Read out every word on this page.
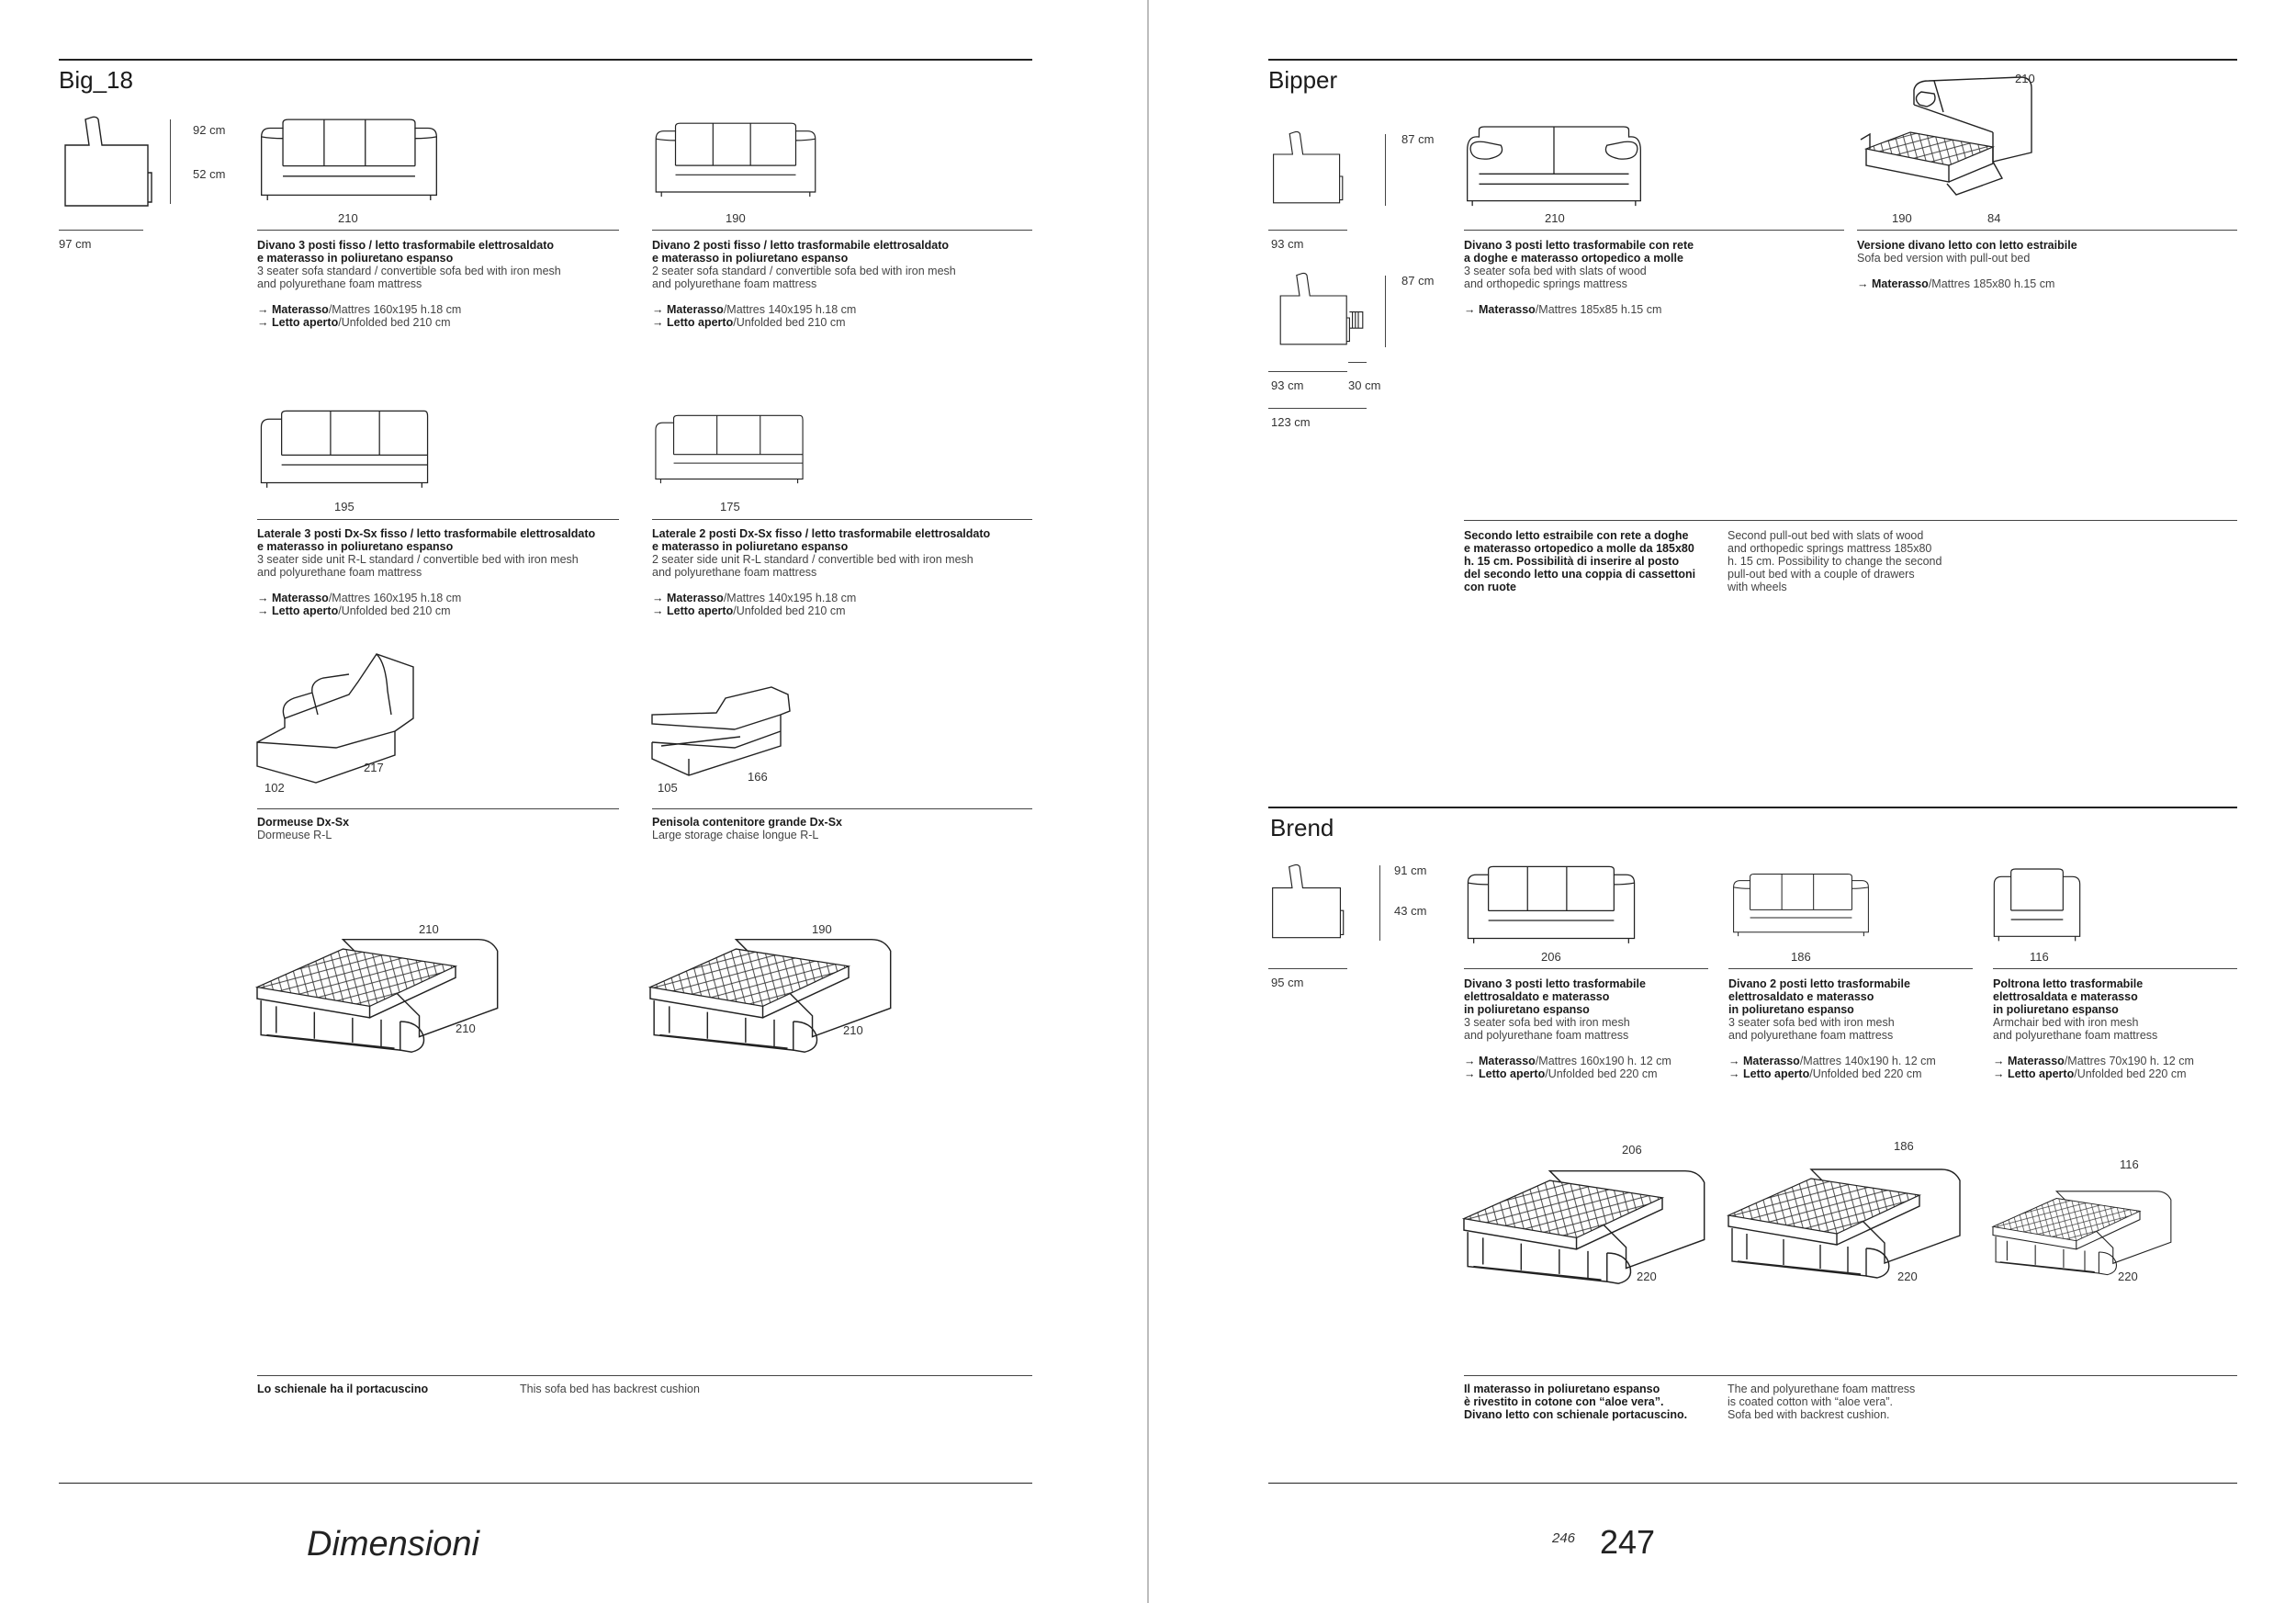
Big_18
92 cm
52 cm
97 cm
210	190
Divano 3 posti fisso / letto trasformabile elettrosaldato
e materasso in poliuretano espanso
3 seater sofa standard / convertible sofa bed with iron mesh
and polyurethane foam mattress
→ Materasso/Mattres 160x195 h.18 cm
→ Letto aperto/Unfolded bed 210 cm
Divano 2 posti fisso / letto trasformabile elettrosaldato
e materasso in poliuretano espanso
2 seater sofa standard / convertible sofa bed with iron mesh
and polyurethane foam mattress
→ Materasso/Mattres 140x195 h.18 cm
→ Letto aperto/Unfolded bed 210 cm
195	175
Laterale 3 posti Dx-Sx fisso / letto trasformabile elettrosaldato
e materasso in poliuretano espanso
3 seater side unit R-L standard / convertible bed with iron mesh
and polyurethane foam mattress
→ Materasso/Mattres 160x195 h.18 cm
→ Letto aperto/Unfolded bed 210 cm
Laterale 2 posti Dx-Sx fisso / letto trasformabile elettrosaldato
e materasso in poliuretano espanso
2 seater side unit R-L standard / convertible bed with iron mesh
and polyurethane foam mattress
→ Materasso/Mattres 140x195 h.18 cm
→ Letto aperto/Unfolded bed 210 cm
102
217
105
166
Dormeuse Dx-Sx
Dormeuse R-L
Penisola contenitore grande Dx-Sx
Large storage chaise longue R-L
210
210
190
210
Lo schienale ha il portacuscino	This sofa bed has backrest cushion
Dimensioni
Bipper
87 cm
93 cm
87 cm
93 cm	30 cm
123 cm
210
Divano 3 posti letto trasformabile con rete
a doghe e materasso ortopedico a molle
3 seater sofa bed with slats of wood
and orthopedic springs mattress
→ Materasso/Mattres 185x85 h.15 cm
210
190	84
Versione divano letto con letto estraibile
Sofa bed version with pull-out bed
→ Materasso/Mattres 185x80 h.15 cm
Secondo letto estraibile con rete a doghe
e materasso ortopedico a molle da 185x80
h. 15 cm. Possibilità di inserire al posto
del secondo letto una coppia di cassettoni
con ruote
Second pull-out bed with slats of wood
and orthopedic springs mattress 185x80
h. 15 cm. Possibility to change the second
pull-out bed with a couple of drawers
with wheels
Brend
91 cm
43 cm
95 cm
206	186	116
Divano 3 posti letto trasformabile
elettrosaldato e materasso
in poliuretano espanso
3 seater sofa bed with iron mesh
and polyurethane foam mattress
→ Materasso/Mattres 160x190 h. 12 cm
→ Letto aperto/Unfolded bed 220 cm
Divano 2 posti letto trasformabile
elettrosaldato e materasso
in poliuretano espanso
3 seater sofa bed with iron mesh
and polyurethane foam mattress
→ Materasso/Mattres 140x190 h. 12 cm
→ Letto aperto/Unfolded bed 220 cm
Poltrona letto trasformabile
elettrosaldata e materasso
in poliuretano espanso
Armchair bed with iron mesh
and polyurethane foam mattress
→ Materasso/Mattres 70x190 h. 12 cm
→ Letto aperto/Unfolded bed 220 cm
206
220
186
220
116
220
Il materasso in poliuretano espanso
è rivestito in cotone con “aloe vera”.
Divano letto con schienale portacuscino.
The and polyurethane foam mattress
is coated cotton with “aloe vera”.
Sofa bed with backrest cushion.
246 247
